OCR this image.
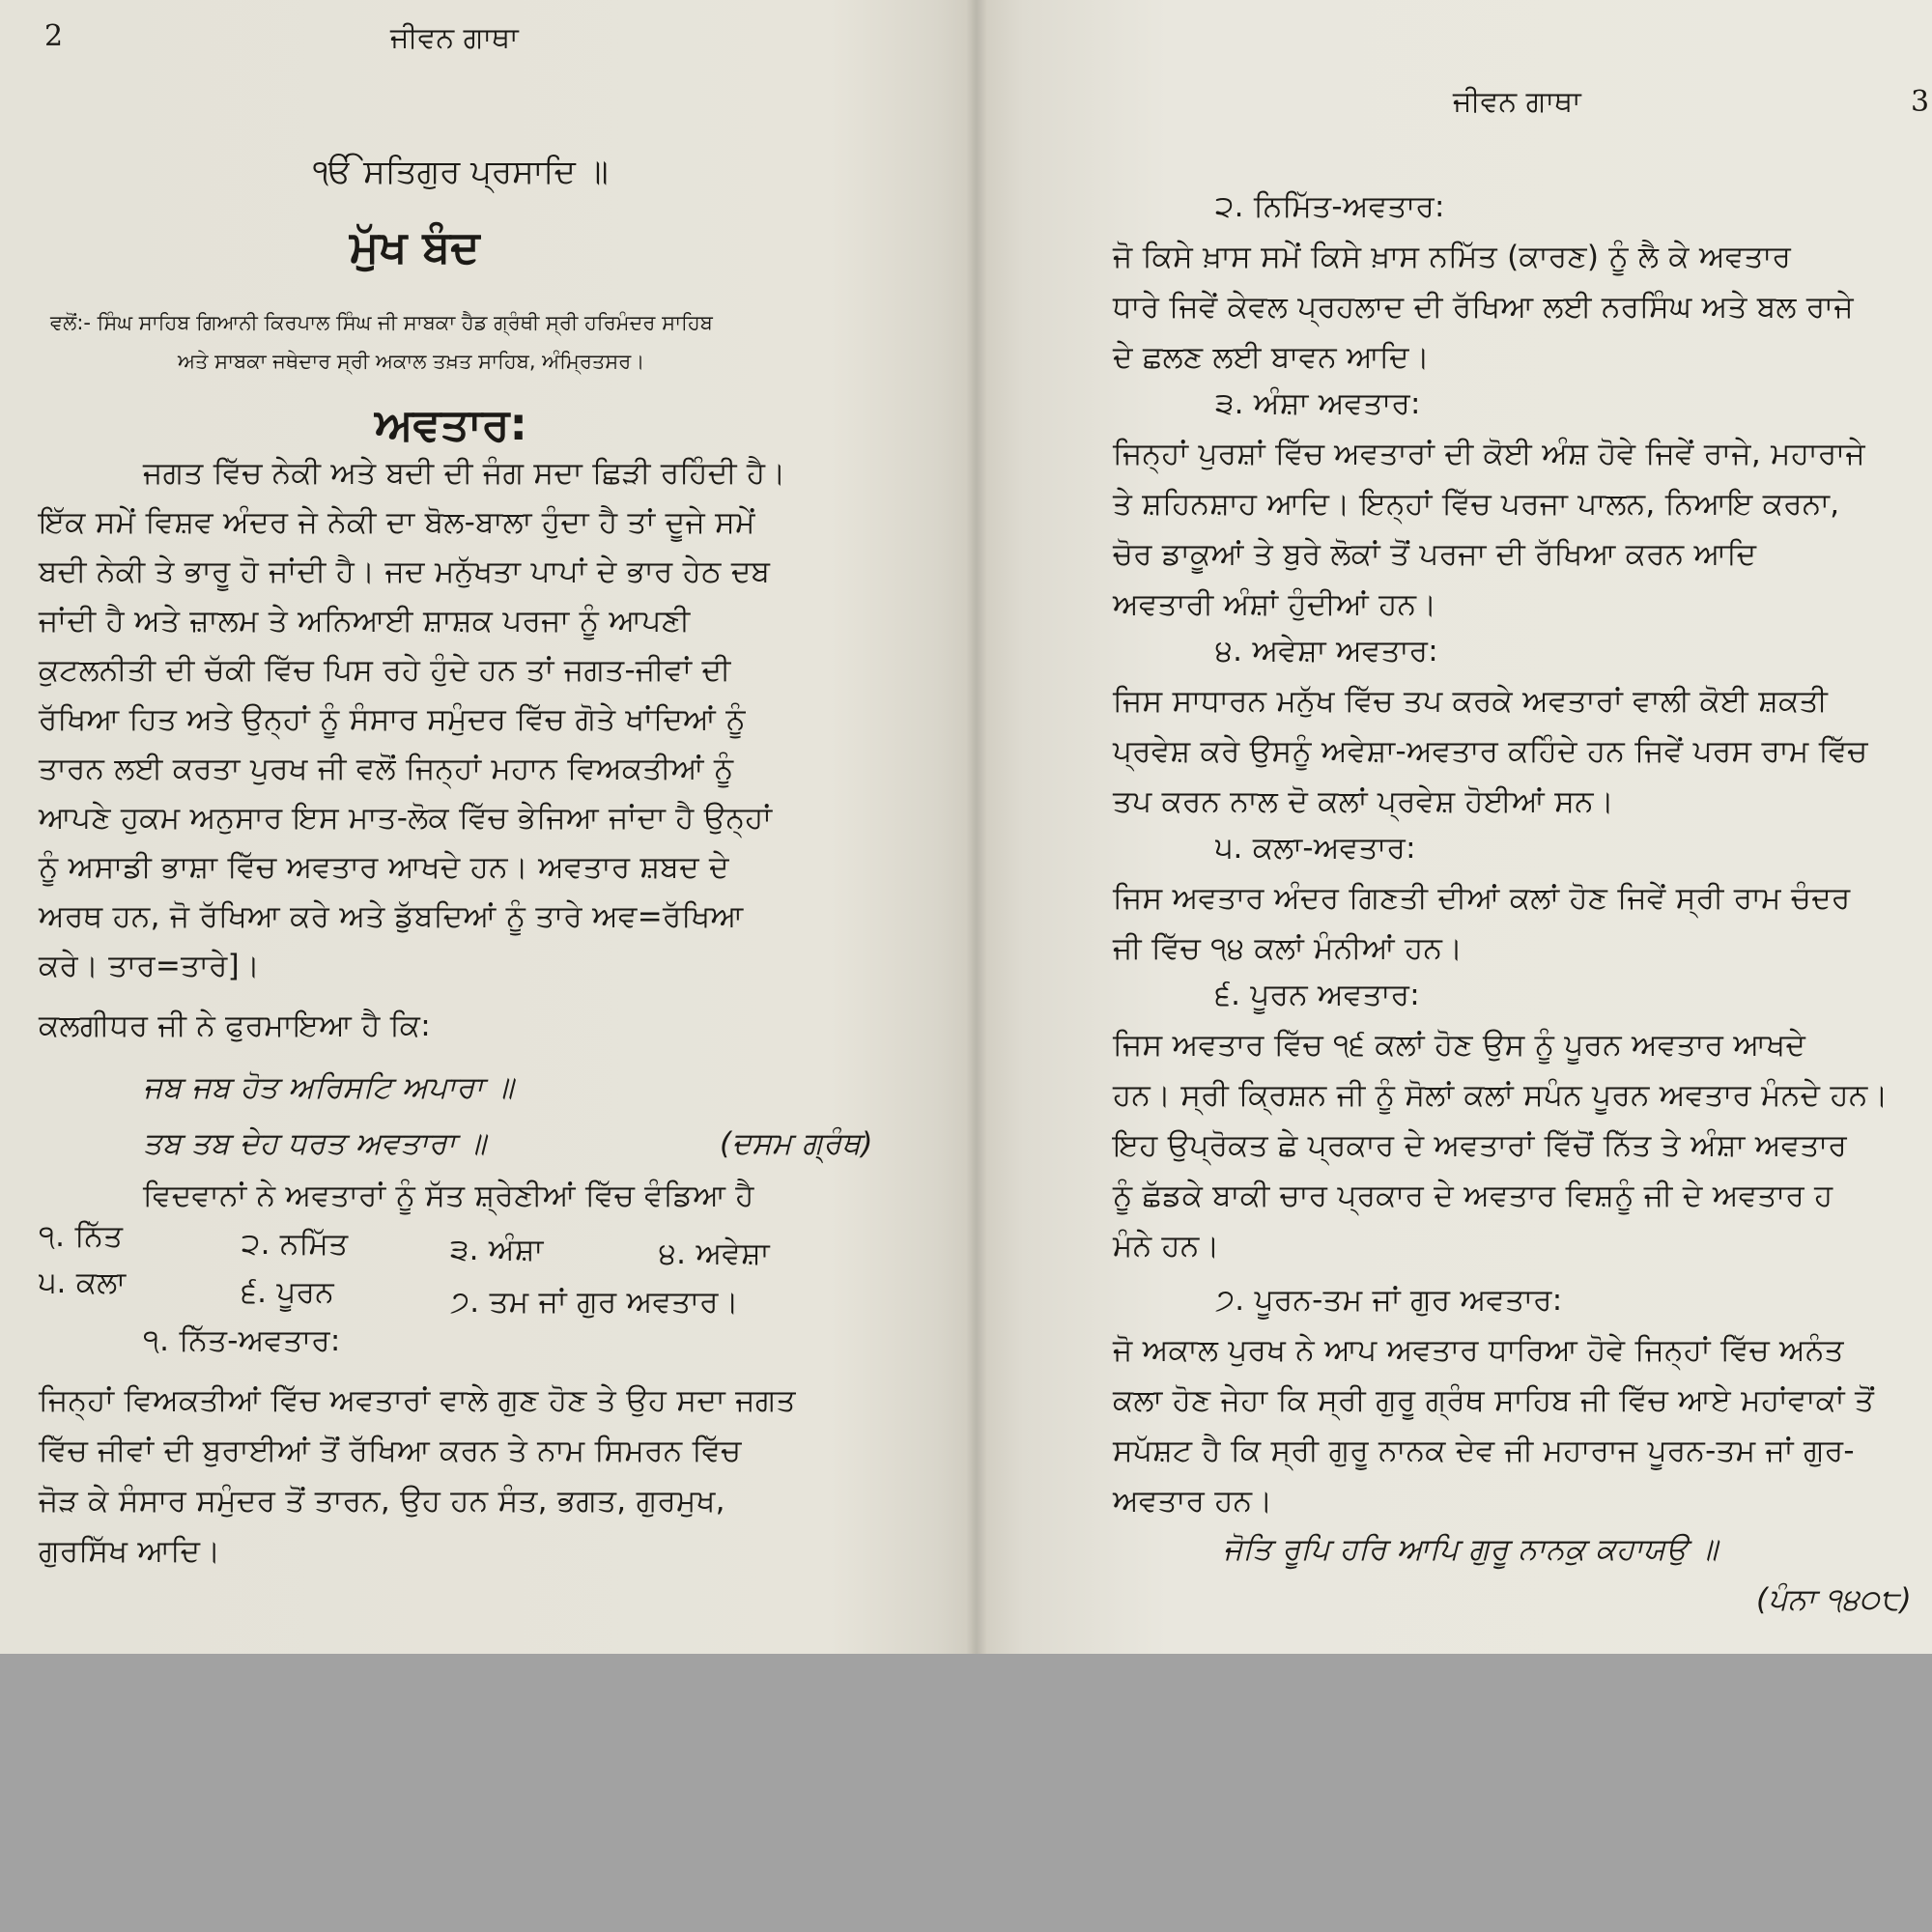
2	ਜੀਵਨ ਗਾਥਾ
ੴ ਸਤਿਗੁਰ ਪ੍ਰਸਾਦਿ ॥
ਮੁੱਖ ਬੰਦ
ਵਲੋਂ:- ਸਿੰਘ ਸਾਹਿਬ ਗਿਆਨੀ ਕਿਰਪਾਲ ਸਿੰਘ ਜੀ ਸਾਬਕਾ ਹੈਡ ਗ੍ਰੰਥੀ ਸ੍ਰੀ ਹਰਿਮੰਦਰ ਸਾਹਿਬ
ਅਤੇ ਸਾਬਕਾ ਜਥੇਦਾਰ ਸ੍ਰੀ ਅਕਾਲ ਤਖ਼ਤ ਸਾਹਿਬ, ਅੰਮ੍ਰਿਤਸਰ।
ਅਵਤਾਰ:
ਜਗਤ ਵਿੱਚ ਨੇਕੀ ਅਤੇ ਬਦੀ ਦੀ ਜੰਗ ਸਦਾ ਛਿੜੀ ਰਹਿੰਦੀ ਹੈ।
ਇੱਕ ਸਮੇਂ ਵਿਸ਼ਵ ਅੰਦਰ ਜੇ ਨੇਕੀ ਦਾ ਬੋਲ-ਬਾਲਾ ਹੁੰਦਾ ਹੈ ਤਾਂ ਦੂਜੇ ਸਮੇਂ
ਬਦੀ ਨੇਕੀ ਤੇ ਭਾਰੂ ਹੋ ਜਾਂਦੀ ਹੈ। ਜਦ ਮਨੁੱਖਤਾ ਪਾਪਾਂ ਦੇ ਭਾਰ ਹੇਠ ਦਬ
ਜਾਂਦੀ ਹੈ ਅਤੇ ਜ਼ਾਲਮ ਤੇ ਅਨਿਆਈ ਸ਼ਾਸ਼ਕ ਪਰਜਾ ਨੂੰ ਆਪਣੀ
ਕੁਟਲਨੀਤੀ ਦੀ ਚੱਕੀ ਵਿੱਚ ਪਿਸ ਰਹੇ ਹੁੰਦੇ ਹਨ ਤਾਂ ਜਗਤ-ਜੀਵਾਂ ਦੀ
ਰੱਖਿਆ ਹਿਤ ਅਤੇ ਉਨ੍ਹਾਂ ਨੂੰ ਸੰਸਾਰ ਸਮੁੰਦਰ ਵਿੱਚ ਗੋਤੇ ਖਾਂਦਿਆਂ ਨੂੰ
ਤਾਰਨ ਲਈ ਕਰਤਾ ਪੁਰਖ ਜੀ ਵਲੋਂ ਜਿਨ੍ਹਾਂ ਮਹਾਨ ਵਿਅਕਤੀਆਂ ਨੂੰ
ਆਪਣੇ ਹੁਕਮ ਅਨੁਸਾਰ ਇਸ ਮਾਤ-ਲੋਕ ਵਿੱਚ ਭੇਜਿਆ ਜਾਂਦਾ ਹੈ ਉਨ੍ਹਾਂ
ਨੂੰ ਅਸਾਡੀ ਭਾਸ਼ਾ ਵਿੱਚ ਅਵਤਾਰ ਆਖਦੇ ਹਨ। ਅਵਤਾਰ ਸ਼ਬਦ ਦੇ
ਅਰਥ ਹਨ, ਜੋ ਰੱਖਿਆ ਕਰੇ ਅਤੇ ਡੁੱਬਦਿਆਂ ਨੂੰ ਤਾਰੇ ਅਵ=ਰੱਖਿਆ
ਕਰੇ। ਤਾਰ=ਤਾਰੇ]।
ਕਲਗੀਧਰ ਜੀ ਨੇ ਫੁਰਮਾਇਆ ਹੈ ਕਿ:
ਜਬ ਜਬ ਹੋਤ ਅਰਿਸਟਿ ਅਪਾਰਾ ॥
ਤਬ ਤਬ ਦੇਹ ਧਰਤ ਅਵਤਾਰਾ ॥	(ਦਸਮ ਗ੍ਰੰਥ)
ਵਿਦਵਾਨਾਂ ਨੇ ਅਵਤਾਰਾਂ ਨੂੰ ਸੱਤ ਸ਼੍ਰੇਣੀਆਂ ਵਿੱਚ ਵੰਡਿਆ ਹੈ
੧. ਨਿੱਤ	੨. ਨਮਿੱਤ	੩. ਅੰਸ਼ਾ	੪. ਅਵੇਸ਼ਾ
੫. ਕਲਾ	੬. ਪੂਰਨ	੭. ਤਮ ਜਾਂ ਗੁਰ ਅਵਤਾਰ।
੧. ਨਿੱਤ-ਅਵਤਾਰ:
ਜਿਨ੍ਹਾਂ ਵਿਅਕਤੀਆਂ ਵਿੱਚ ਅਵਤਾਰਾਂ ਵਾਲੇ ਗੁਣ ਹੋਣ ਤੇ ਉਹ ਸਦਾ ਜਗਤ
ਵਿੱਚ ਜੀਵਾਂ ਦੀ ਬੁਰਾਈਆਂ ਤੋਂ ਰੱਖਿਆ ਕਰਨ ਤੇ ਨਾਮ ਸਿਮਰਨ ਵਿੱਚ
ਜੋੜ ਕੇ ਸੰਸਾਰ ਸਮੁੰਦਰ ਤੋਂ ਤਾਰਨ, ਉਹ ਹਨ ਸੰਤ, ਭਗਤ, ਗੁਰਮੁਖ,
ਗੁਰਸਿੱਖ ਆਦਿ।
ਜੀਵਨ ਗਾਥਾ	3
੨. ਨਿਮਿੱਤ-ਅਵਤਾਰ:
ਜੋ ਕਿਸੇ ਖ਼ਾਸ ਸਮੇਂ ਕਿਸੇ ਖ਼ਾਸ ਨਮਿੱਤ (ਕਾਰਣ) ਨੂੰ ਲੈ ਕੇ ਅਵਤਾਰ
ਧਾਰੇ ਜਿਵੇਂ ਕੇਵਲ ਪ੍ਰਹਲਾਦ ਦੀ ਰੱਖਿਆ ਲਈ ਨਰਸਿੰਘ ਅਤੇ ਬਲ ਰਾਜੇ
ਦੇ ਛਲਣ ਲਈ ਬਾਵਨ ਆਦਿ।
੩. ਅੰਸ਼ਾ ਅਵਤਾਰ:
ਜਿਨ੍ਹਾਂ ਪੁਰਸ਼ਾਂ ਵਿੱਚ ਅਵਤਾਰਾਂ ਦੀ ਕੋਈ ਅੰਸ਼ ਹੋਵੇ ਜਿਵੇਂ ਰਾਜੇ, ਮਹਾਰਾਜੇ
ਤੇ ਸ਼ਹਿਨਸ਼ਾਹ ਆਦਿ। ਇਨ੍ਹਾਂ ਵਿੱਚ ਪਰਜਾ ਪਾਲਨ, ਨਿਆਇ ਕਰਨਾ,
ਚੋਰ ਡਾਕੂਆਂ ਤੇ ਬੁਰੇ ਲੋਕਾਂ ਤੋਂ ਪਰਜਾ ਦੀ ਰੱਖਿਆ ਕਰਨ ਆਦਿ
ਅਵਤਾਰੀ ਅੰਸ਼ਾਂ ਹੁੰਦੀਆਂ ਹਨ।
੪. ਅਵੇਸ਼ਾ ਅਵਤਾਰ:
ਜਿਸ ਸਾਧਾਰਨ ਮਨੁੱਖ ਵਿੱਚ ਤਪ ਕਰਕੇ ਅਵਤਾਰਾਂ ਵਾਲੀ ਕੋਈ ਸ਼ਕਤੀ
ਪ੍ਰਵੇਸ਼ ਕਰੇ ਉਸਨੂੰ ਅਵੇਸ਼ਾ-ਅਵਤਾਰ ਕਹਿੰਦੇ ਹਨ ਜਿਵੇਂ ਪਰਸ ਰਾਮ ਵਿੱਚ
ਤਪ ਕਰਨ ਨਾਲ ਦੋ ਕਲਾਂ ਪ੍ਰਵੇਸ਼ ਹੋਈਆਂ ਸਨ।
੫. ਕਲਾ-ਅਵਤਾਰ:
ਜਿਸ ਅਵਤਾਰ ਅੰਦਰ ਗਿਣਤੀ ਦੀਆਂ ਕਲਾਂ ਹੋਣ ਜਿਵੇਂ ਸ੍ਰੀ ਰਾਮ ਚੰਦਰ
ਜੀ ਵਿੱਚ ੧੪ ਕਲਾਂ ਮੰਨੀਆਂ ਹਨ।
੬. ਪੂਰਨ ਅਵਤਾਰ:
ਜਿਸ ਅਵਤਾਰ ਵਿੱਚ ੧੬ ਕਲਾਂ ਹੋਣ ਉਸ ਨੂੰ ਪੂਰਨ ਅਵਤਾਰ ਆਖਦੇ
ਹਨ। ਸ੍ਰੀ ਕ੍ਰਿਸ਼ਨ ਜੀ ਨੂੰ ਸੋਲਾਂ ਕਲਾਂ ਸਪੰਨ ਪੂਰਨ ਅਵਤਾਰ ਮੰਨਦੇ ਹਨ।
ਇਹ ਉਪ੍ਰੋਕਤ ਛੇ ਪ੍ਰਕਾਰ ਦੇ ਅਵਤਾਰਾਂ ਵਿੱਚੋਂ ਨਿੱਤ ਤੇ ਅੰਸ਼ਾ ਅਵਤਾਰ
ਨੂੰ ਛੱਡਕੇ ਬਾਕੀ ਚਾਰ ਪ੍ਰਕਾਰ ਦੇ ਅਵਤਾਰ ਵਿਸ਼ਨੂੰ ਜੀ ਦੇ ਅਵਤਾਰ ਹ
ਮੰਨੇ ਹਨ।
੭. ਪੂਰਨ-ਤਮ ਜਾਂ ਗੁਰ ਅਵਤਾਰ:
ਜੋ ਅਕਾਲ ਪੁਰਖ ਨੇ ਆਪ ਅਵਤਾਰ ਧਾਰਿਆ ਹੋਵੇ ਜਿਨ੍ਹਾਂ ਵਿੱਚ ਅਨੰਤ
ਕਲਾ ਹੋਣ ਜੇਹਾ ਕਿ ਸ੍ਰੀ ਗੁਰੂ ਗ੍ਰੰਥ ਸਾਹਿਬ ਜੀ ਵਿੱਚ ਆਏ ਮਹਾਂਵਾਕਾਂ ਤੋਂ
ਸਪੱਸ਼ਟ ਹੈ ਕਿ ਸ੍ਰੀ ਗੁਰੂ ਨਾਨਕ ਦੇਵ ਜੀ ਮਹਾਰਾਜ ਪੂਰਨ-ਤਮ ਜਾਂ ਗੁਰ-
ਅਵਤਾਰ ਹਨ।
ਜੋਤਿ ਰੂਪਿ ਹਰਿ ਆਪਿ ਗੁਰੂ ਨਾਨਕੁ ਕਹਾਯਉ ॥
(ਪੰਨਾ ੧੪੦੮)
